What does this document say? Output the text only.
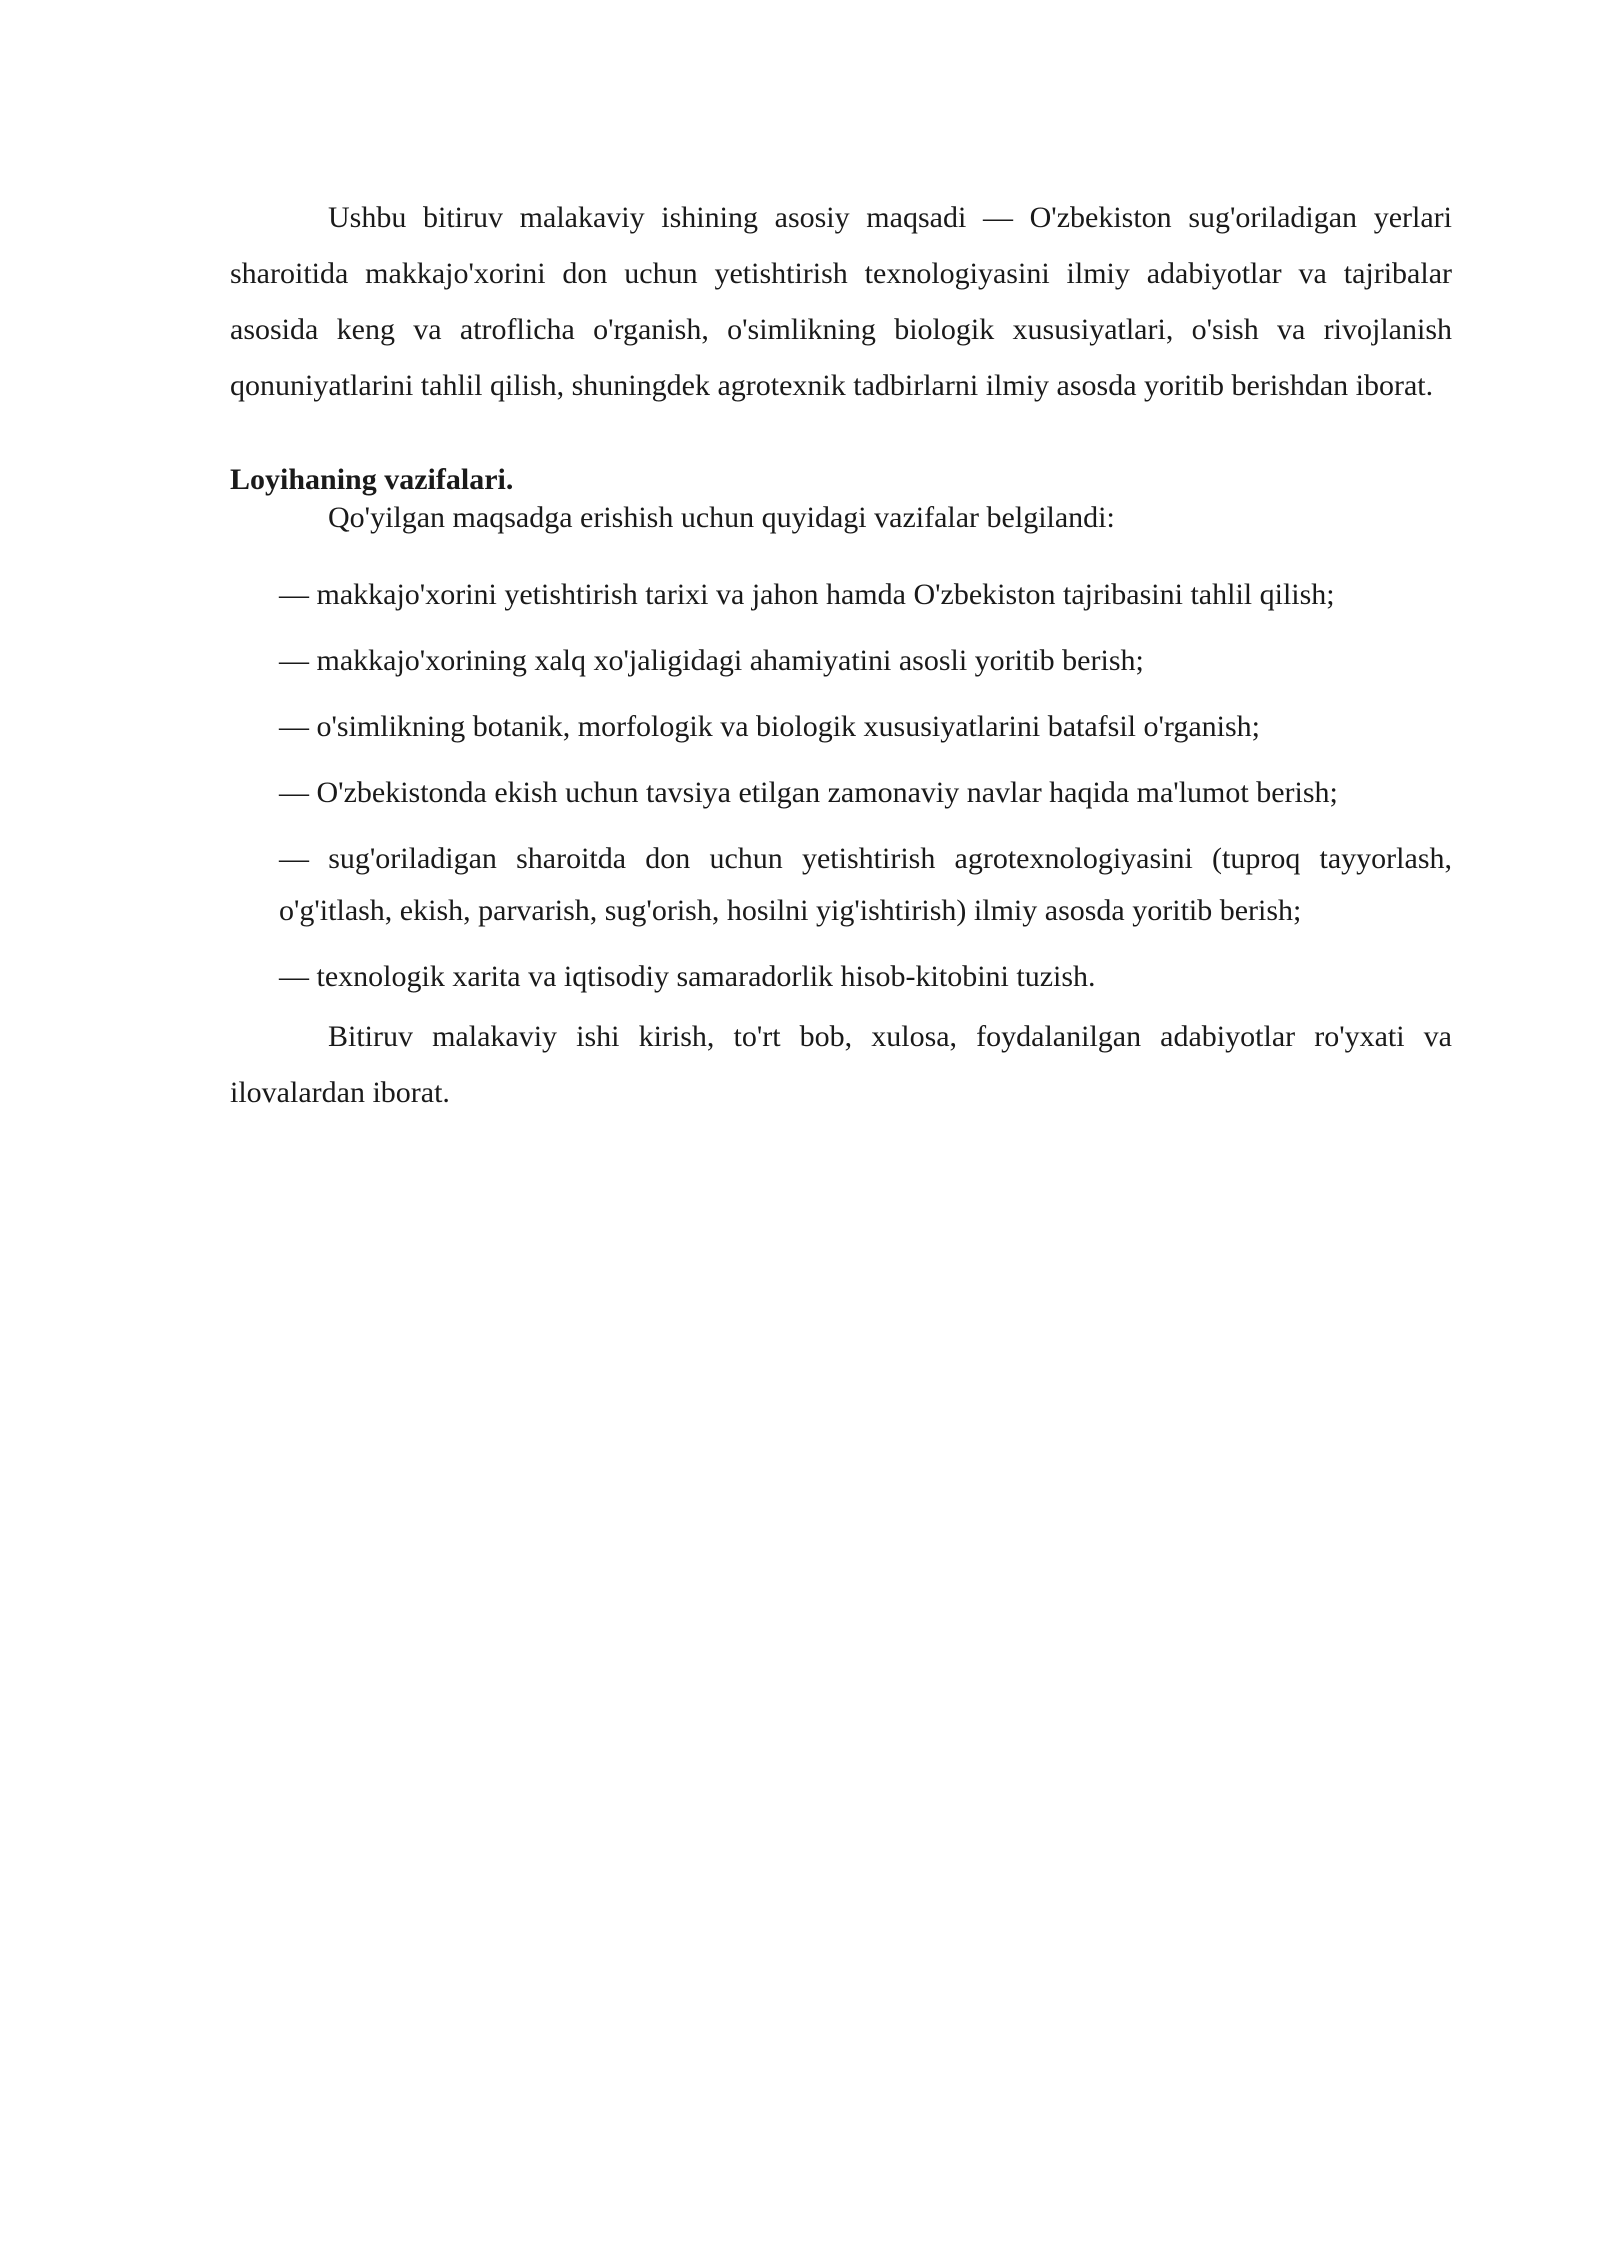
Ushbu bitiruv malakaviy ishining asosiy maqsadi — O'zbekiston sug'oriladigan yerlari sharoitida makkajo'xorini don uchun yetishtirish texnologiyasini ilmiy adabiyotlar va tajribalar asosida keng va atroflicha o'rganish, o'simlikning biologik xususiyatlari, o'sish va rivojlanish qonuniyatlarini tahlil qilish, shuningdek agrotexnik tadbirlarni ilmiy asosda yoritib berishdan iborat.

Loyihaning vazifalari.

Qo'yilgan maqsadga erishish uchun quyidagi vazifalar belgilandi:

— makkajo'xorini yetishtirish tarixi va jahon hamda O'zbekiston tajribasini tahlil qilish;
— makkajo'xorining xalq xo'jaligidagi ahamiyatini asosli yoritib berish;
— o'simlikning botanik, morfologik va biologik xususiyatlarini batafsil o'rganish;
— O'zbekistonda ekish uchun tavsiya etilgan zamonaviy navlar haqida ma'lumot berish;
— sug'oriladigan sharoitda don uchun yetishtirish agrotexnologiyasini (tuproq tayyorlash, o'g'itlash, ekish, parvarish, sug'orish, hosilni yig'ishtirish) ilmiy asosda yoritib berish;
— texnologik xarita va iqtisodiy samaradorlik hisob-kitobini tuzish.

Bitiruv malakaviy ishi kirish, to'rt bob, xulosa, foydalanilgan adabiyotlar ro'yxati va ilovalardan iborat.
